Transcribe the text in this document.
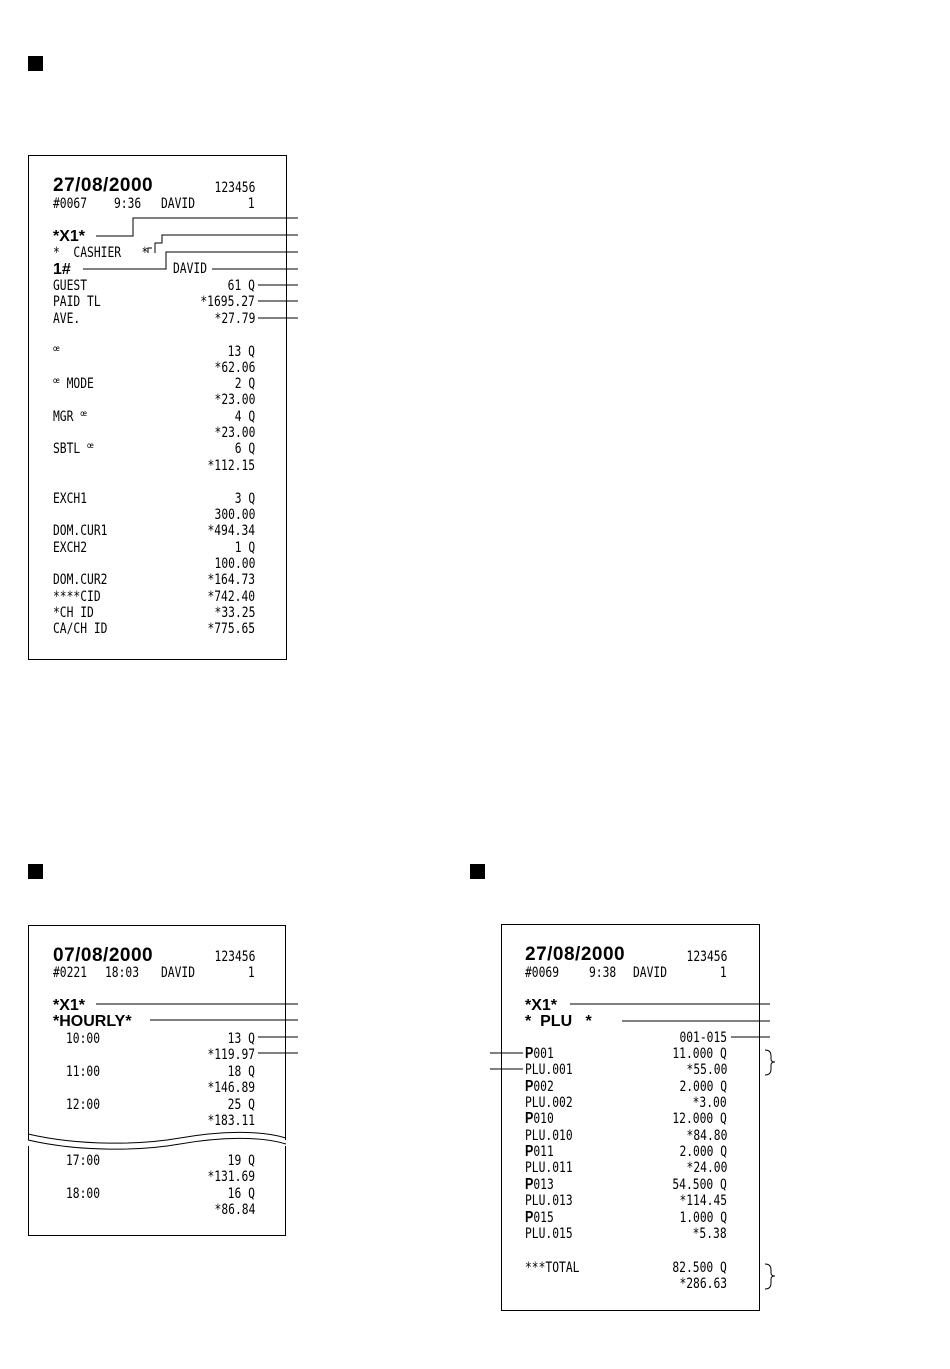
27/08/2000	123456
#0067 9:36 DAVID	1
*X1*
*  CASHIER   *
1#	DAVID
GUEST	61 Q
PAID TL	*1695.27
AVE.	*27.79
ꟹ	13 Q
*62.06
ꟹ MODE	2 Q
*23.00
MGR ꟹ	4 Q
*23.00
SBTL ꟹ	6 Q
*112.15
EXCH1	3 Q
300.00
DOM.CUR1	*494.34
EXCH2	1 Q
100.00
DOM.CUR2	*164.73
****CID	*742.40
*CH ID	*33.25
CA/CH ID	*775.65
07/08/2000	123456
#0221 18:03 DAVID	1
*X1*
*HOURLY*
10:00	13 Q
*119.97
11:00	18 Q
*146.89
12:00	25 Q
*183.11
17:00	19 Q
*131.69
18:00	16 Q
*86.84
27/08/2000	123456
#0069 9:38 DAVID	1
*X1*
*  PLU   *
001-015
P001	11.000 Q
PLU.001	*55.00
P002	2.000 Q
PLU.002	*3.00
P010	12.000 Q
PLU.010	*84.80
P011	2.000 Q
PLU.011	*24.00
P013	54.500 Q
PLU.013	*114.45
P015	1.000 Q
PLU.015	*5.38
***TOTAL	82.500 Q
*286.63
